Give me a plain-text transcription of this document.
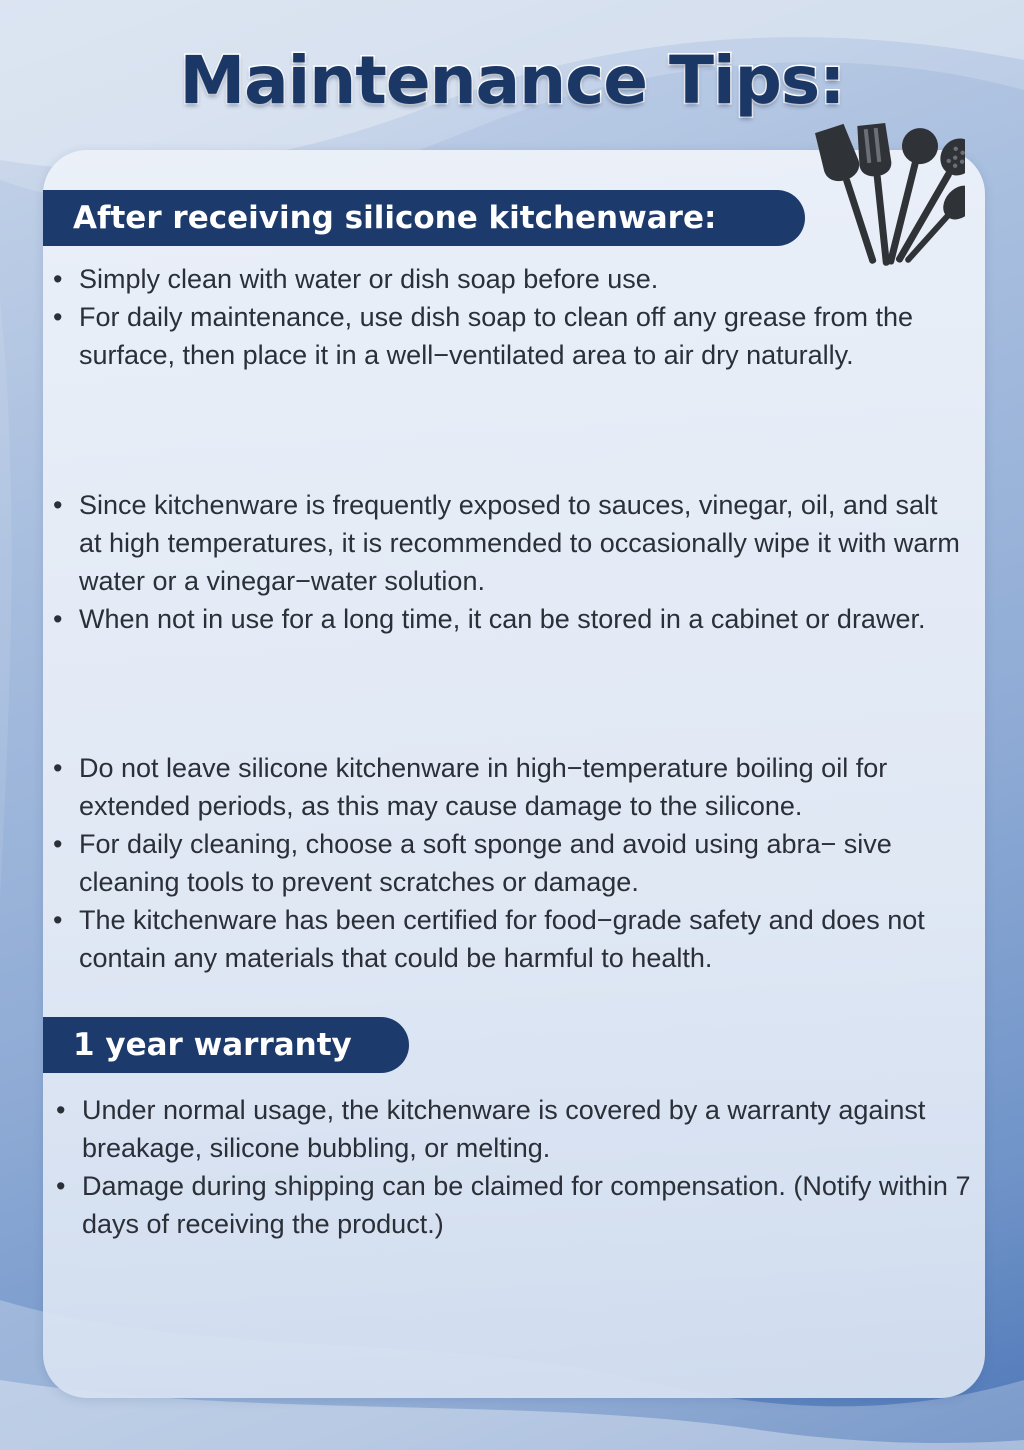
Maintenance Tips:
After receiving silicone kitchenware:
• Simply clean with water or dish soap before use.
• For daily maintenance, use dish soap to clean off any grease from the surface, then place it in a well−ventilated area to air dry naturally.
• Since kitchenware is frequently exposed to sauces, vinegar, oil, and salt at high temperatures, it is recommended to occasionally wipe it with warm water or a vinegar−water solution.
• When not in use for a long time, it can be stored in a cabinet or drawer.
• Do not leave silicone kitchenware in high−temperature boiling oil for extended periods, as this may cause damage to the silicone.
• For daily cleaning, choose a soft sponge and avoid using abra− sive cleaning tools to prevent scratches or damage.
• The kitchenware has been certified for food−grade safety and does not contain any materials that could be harmful to health.
1 year warranty
• Under normal usage, the kitchenware is covered by a warranty against breakage, silicone bubbling, or melting.
• Damage during shipping can be claimed for compensation. (Notify within 7 days of receiving the product.)
